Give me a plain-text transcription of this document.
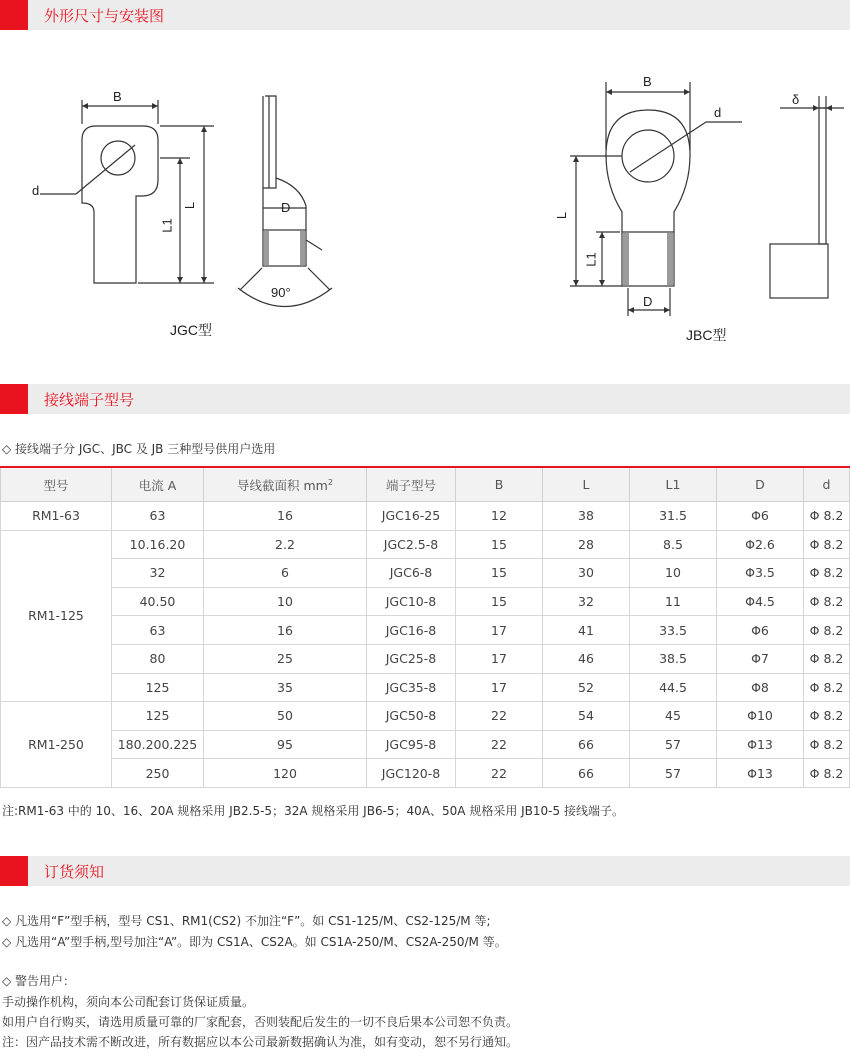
外形尺寸与安装图
B
d
L1
L	D
90°
JGC型
B
d
L
L1
D
δ
JBC型
接线端子型号
◇ 接线端子分 JGC、JBC 及 JB 三种型号供用户选用
型号	电流 A	导线截面积 $mm^2$	端子型号	B	L	L1	D	d
RM1-63	63	16	JGC16-25	12	38	31.5	Φ6	Φ 8.2
RM1-125	10.16.20	2.2	JGC2.5-8	15	28	8.5	Φ2.6	Φ 8.2
	32	6	JGC6-8	15	30	10	Φ3.5	Φ 8.2
	40.50	10	JGC10-8	15	32	11	Φ4.5	Φ 8.2
	63	16	JGC16-8	17	41	33.5	Φ6	Φ 8.2
	80	25	JGC25-8	17	46	38.5	Φ7	Φ 8.2
	125	35	JGC35-8	17	52	44.5	Φ8	Φ 8.2
RM1-250	125	50	JGC50-8	22	54	45	Φ10	Φ 8.2
	180.200.225	95	JGC95-8	22	66	57	Φ13	Φ 8.2
	250	120	JGC120-8	22	66	57	Φ13	Φ 8.2
注:RM1-63 中的 10、16、20A 规格采用 JB2.5-5；32A 规格采用 JB6-5；40A、50A 规格采用 JB10-5 接线端子。
订货须知
◇ 凡选用“F”型手柄，型号 CS1、RM1(CS2) 不加注“F”。如 CS1-125/M、CS2-125/M 等;
◇ 凡选用“A”型手柄,型号加注“A”。即为 CS1A、CS2A。如 CS1A-250/M、CS2A-250/M 等。
◇ 警告用户：
手动操作机构，须向本公司配套订货保证质量。
如用户自行购买，请选用质量可靠的厂家配套，否则装配后发生的一切不良后果本公司恕不负责。
注：因产品技术需不断改进，所有数据应以本公司最新数据确认为准，如有变动，恕不另行通知。
